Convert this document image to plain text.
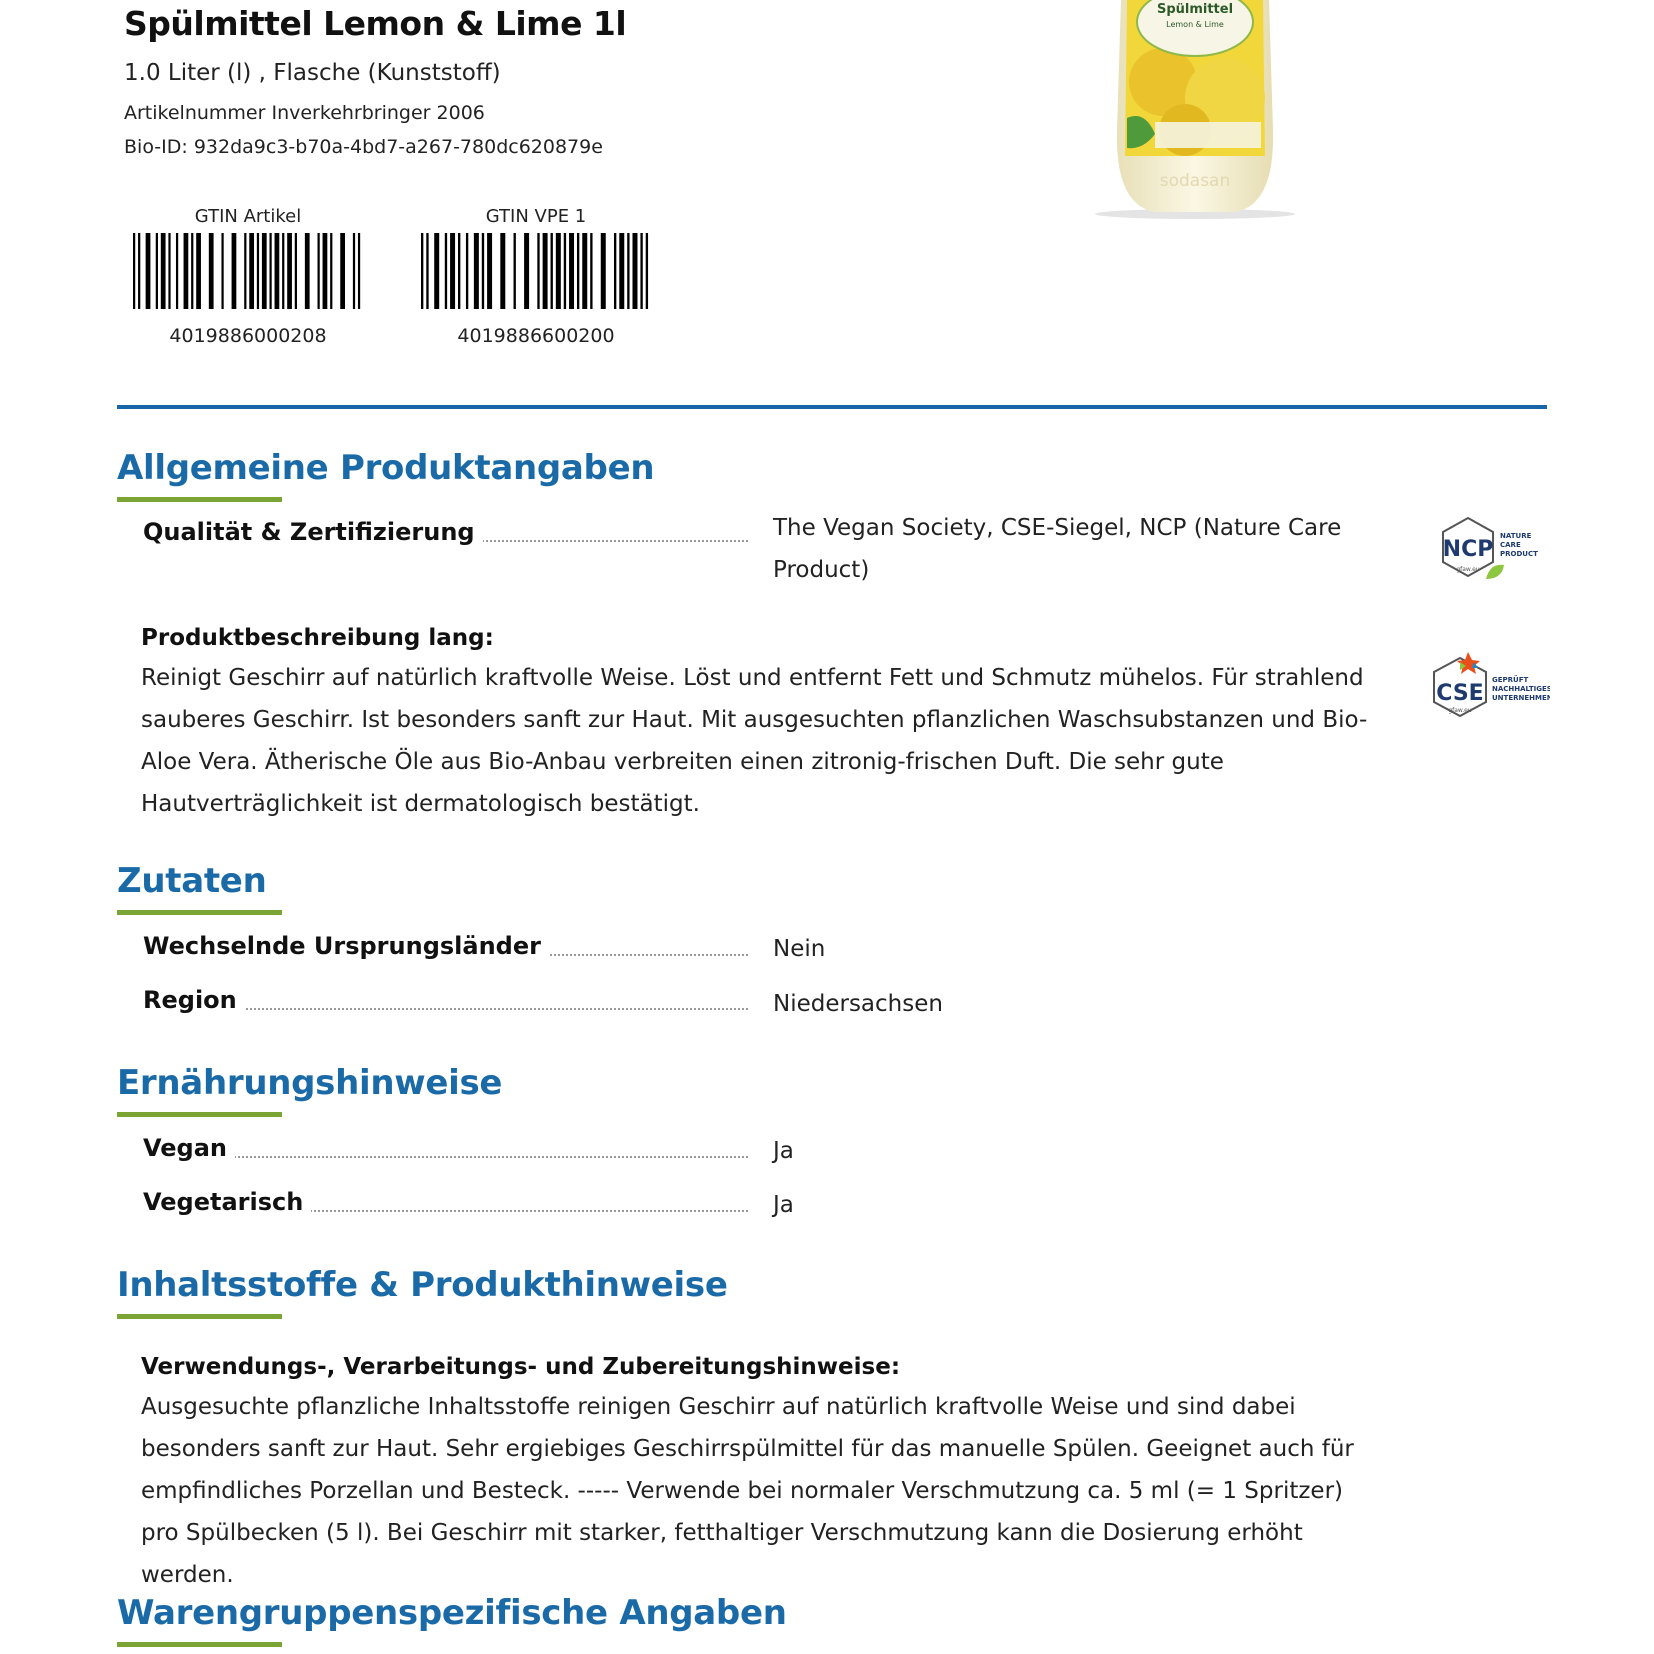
Spülmittel Lemon & Lime 1l
1.0 Liter (l) , Flasche (Kunststoff)
Artikelnummer Inverkehrbringer 2006
Bio-ID: 932da9c3-b70a-4bd7-a267-780dc620879e
Spülmittel
Lemon & Lime
sodasan
GTIN Artikel
4019886000208
GTIN VPE 1
4019886600200
Allgemeine Produktangaben
Qualität & Zertifizierung	The Vegan Society, CSE-Siegel, NCP (Nature Care Product)
NCP
NATURE
CARE
PRODUCT
gfaw.eu
Produktbeschreibung lang:
Reinigt Geschirr auf natürlich kraftvolle Weise. Löst und entfernt Fett und Schmutz mühelos. Für strahlend sauberes Geschirr. Ist besonders sanft zur Haut. Mit ausgesuchten pflanzlichen Waschsubstanzen und Bio-Aloe Vera. Ätherische Öle aus Bio-Anbau verbreiten einen zitronig-frischen Duft. Die sehr gute Hautverträglichkeit ist dermatologisch bestätigt.
CSE
GEPRÜFT
NACHHALTIGES
UNTERNEHMEN
gfaw.eu
Zutaten
Wechselnde Ursprungsländer	Nein
Region	Niedersachsen
Ernährungshinweise
Vegan	Ja
Vegetarisch	Ja
Inhaltsstoffe & Produkthinweise
Verwendungs-, Verarbeitungs- und Zubereitungshinweise:
Ausgesuchte pflanzliche Inhaltsstoffe reinigen Geschirr auf natürlich kraftvolle Weise und sind dabei besonders sanft zur Haut. Sehr ergiebiges Geschirrspülmittel für das manuelle Spülen. Geeignet auch für empfindliches Porzellan und Besteck. ----- Verwende bei normaler Verschmutzung ca. 5 ml (= 1 Spritzer) pro Spülbecken (5 l). Bei Geschirr mit starker, fetthaltiger Verschmutzung kann die Dosierung erhöht werden.
Warengruppenspezifische Angaben
